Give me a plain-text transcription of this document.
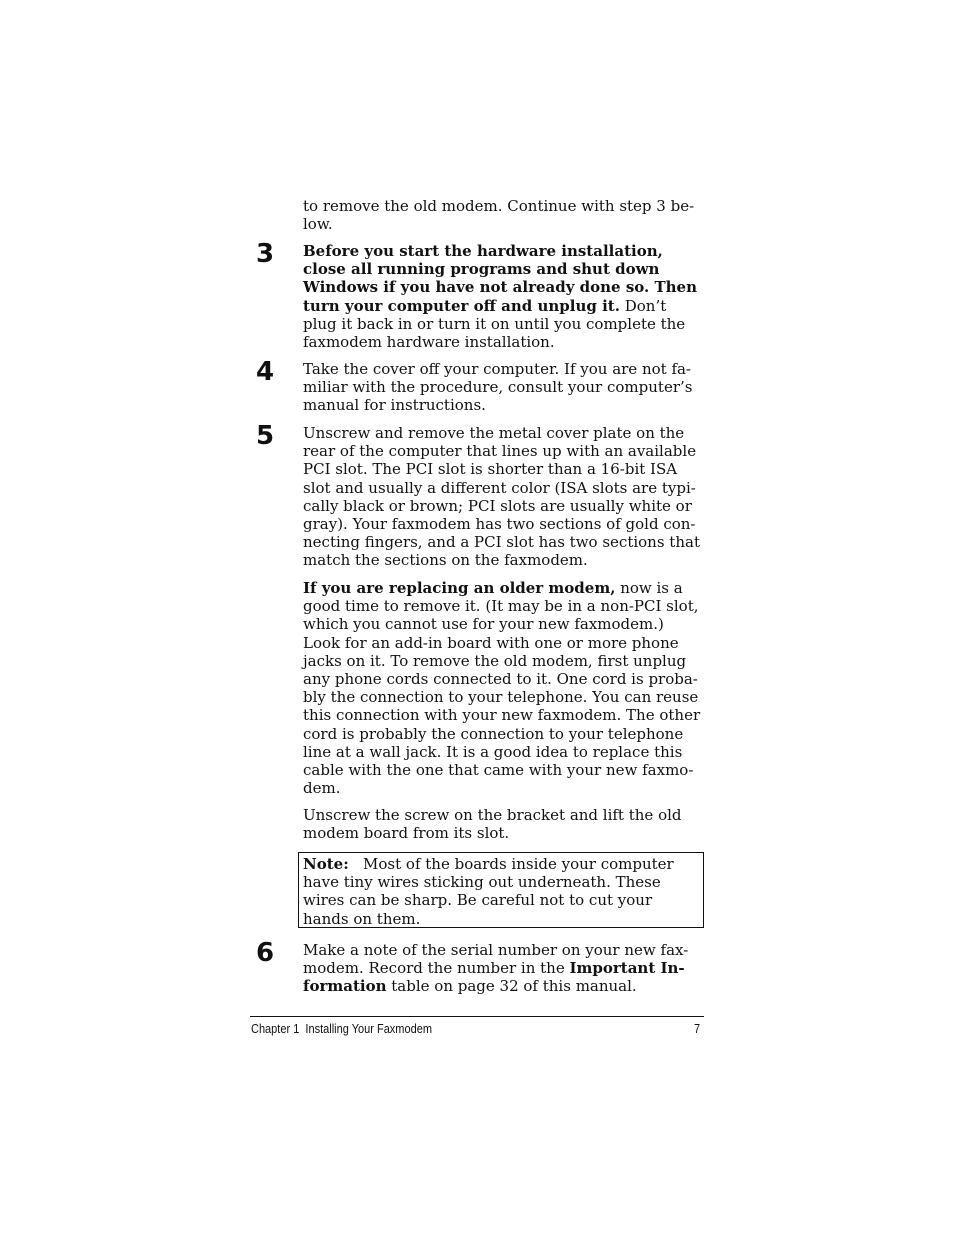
to remove the old modem. Continue with step 3 be-low.

3 Before you start the hardware installation, close all running programs and shut down Windows if you have not already done so. Then turn your computer off and unplug it. Don’t plug it back in or turn it on until you complete the faxmodem hardware installation.

4 Take the cover off your computer. If you are not fa-miliar with the procedure, consult your computer’s manual for instructions.

5 Unscrew and remove the metal cover plate on the rear of the computer that lines up with an available PCI slot. The PCI slot is shorter than a 16-bit ISA slot and usually a different color (ISA slots are typi-cally black or brown; PCI slots are usually white or gray). Your faxmodem has two sections of gold con-necting fingers, and a PCI slot has two sections that match the sections on the faxmodem.

If you are replacing an older modem, now is a good time to remove it. (It may be in a non-PCI slot, which you cannot use for your new faxmodem.) Look for an add-in board with one or more phone jacks on it. To remove the old modem, first unplug any phone cords connected to it. One cord is proba-bly the connection to your telephone. You can reuse this connection with your new faxmodem. The other cord is probably the connection to your telephone line at a wall jack. It is a good idea to replace this cable with the one that came with your new faxmo-dem.

Unscrew the screw on the bracket and lift the old modem board from its slot.

Note: Most of the boards inside your computer have tiny wires sticking out underneath. These wires can be sharp. Be careful not to cut your hands on them.

6 Make a note of the serial number on your new fax-modem. Record the number in the Important In-formation table on page 32 of this manual.

Chapter 1  Installing Your Faxmodem	7
